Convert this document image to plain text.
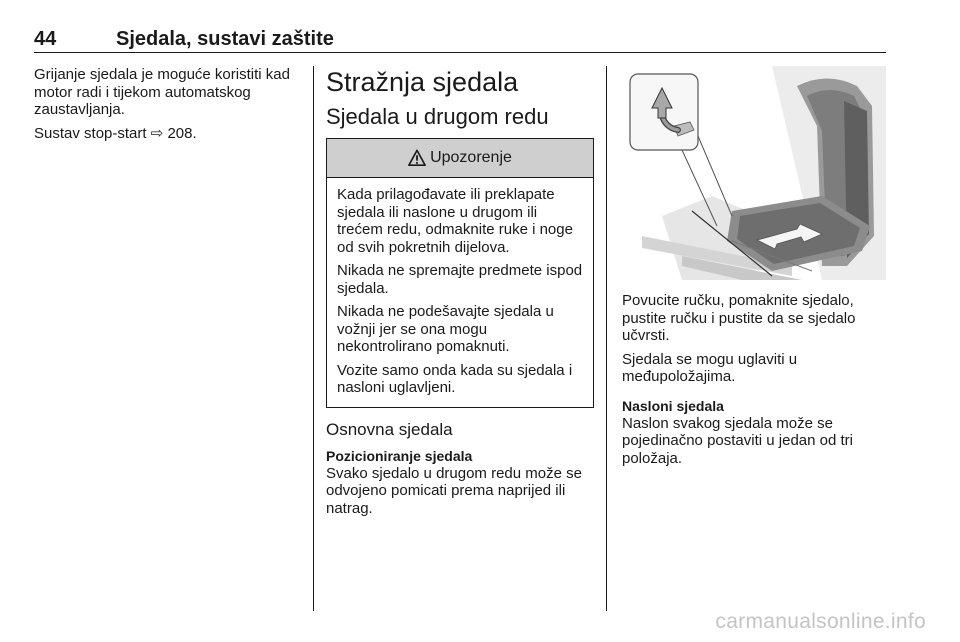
44	Sjedala, sustavi zaštite

Grijanje sjedala je moguće koristiti kad motor radi i tijekom automatskog zaustavljanja.

Sustav stop-start ⇨ 208.

Stražnja sjedala
Sjedala u drugom redu
Upozorenje

Kada prilagođavate ili preklapate sjedala ili naslone u drugom ili trećem redu, odmaknite ruke i noge od svih pokretnih dijelova.

Nikada ne spremajte predmete ispod sjedala.

Nikada ne podešavajte sjedala u vožnji jer se ona mogu nekontrolirano pomaknuti.

Vozite samo onda kada su sjedala i nasloni uglavljeni.

Osnovna sjedala
Pozicioniranje sjedala

Svako sjedalo u drugom redu može se odvojeno pomicati prema naprijed ili natrag.

Povucite ručku, pomaknite sjedalo, pustite ručku i pustite da se sjedalo učvrsti.

Sjedala se mogu uglaviti u međupoložajima.

Nasloni sjedala

Naslon svakog sjedala može se pojedinačno postaviti u jedan od tri položaja.

carmanualsonline.info
